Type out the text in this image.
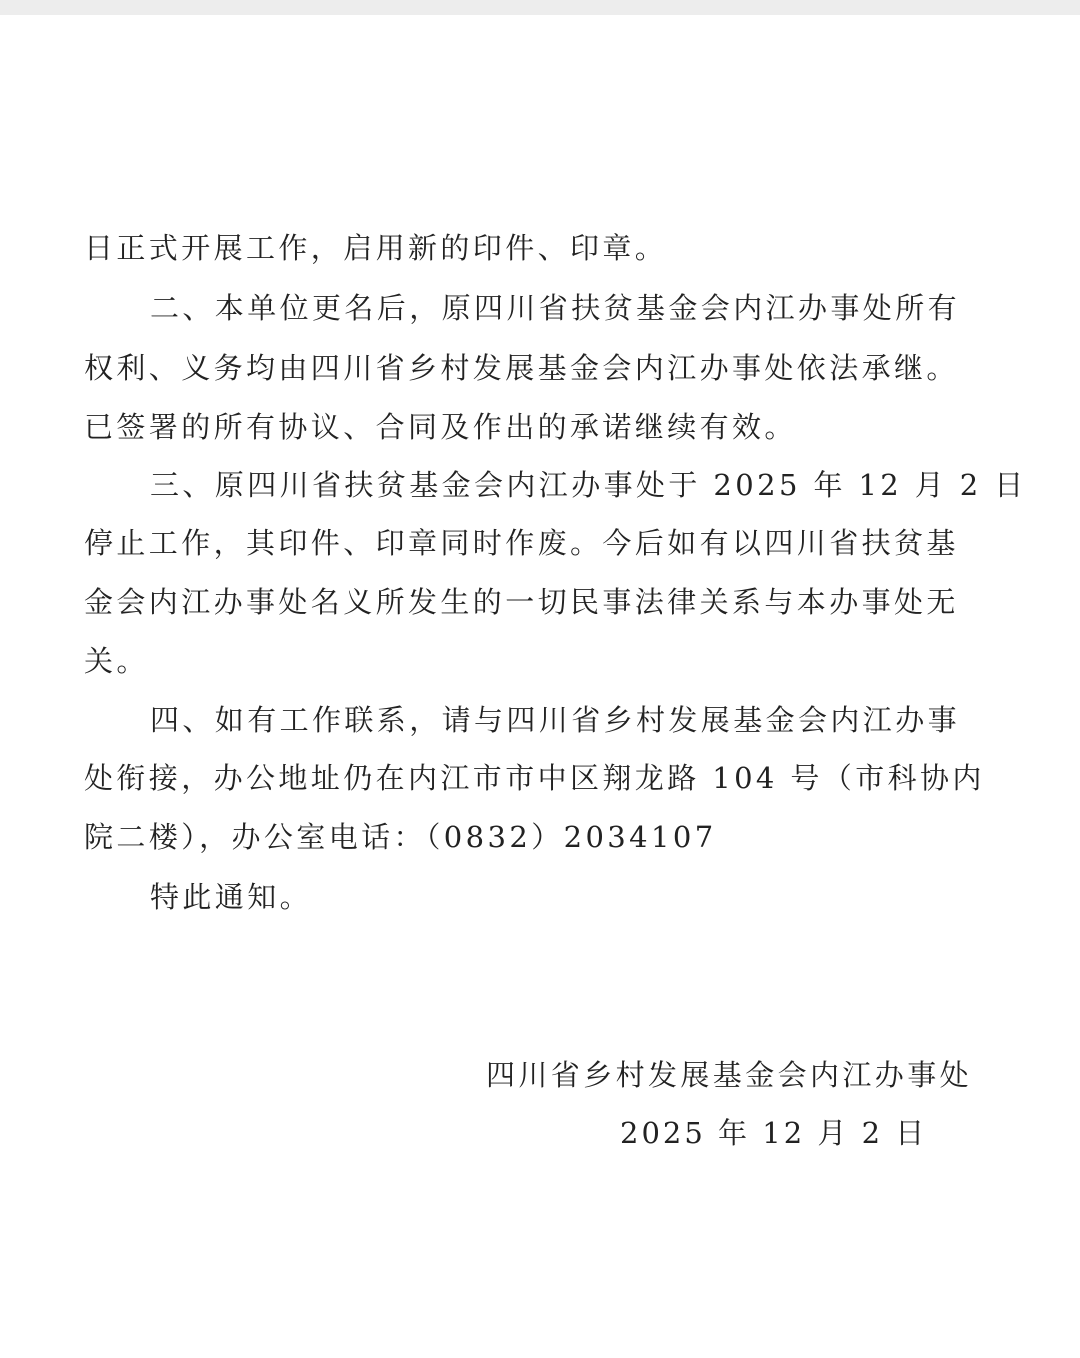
日正式开展工作，启用新的印件、印章。
二、本单位更名后，原四川省扶贫基金会内江办事处所有
权利、义务均由四川省乡村发展基金会内江办事处依法承继。
已签署的所有协议、合同及作出的承诺继续有效。
三、原四川省扶贫基金会内江办事处于 2025 年 12 月 2 日
停止工作，其印件、印章同时作废。今后如有以四川省扶贫基
金会内江办事处名义所发生的一切民事法律关系与本办事处无
关。
四、如有工作联系，请与四川省乡村发展基金会内江办事
处衔接，办公地址仍在内江市市中区翔龙路 104 号（市科协内
院二楼），办公室电话：（0832）2034107
特此通知。
四川省乡村发展基金会内江办事处
2025 年 12 月 2 日
